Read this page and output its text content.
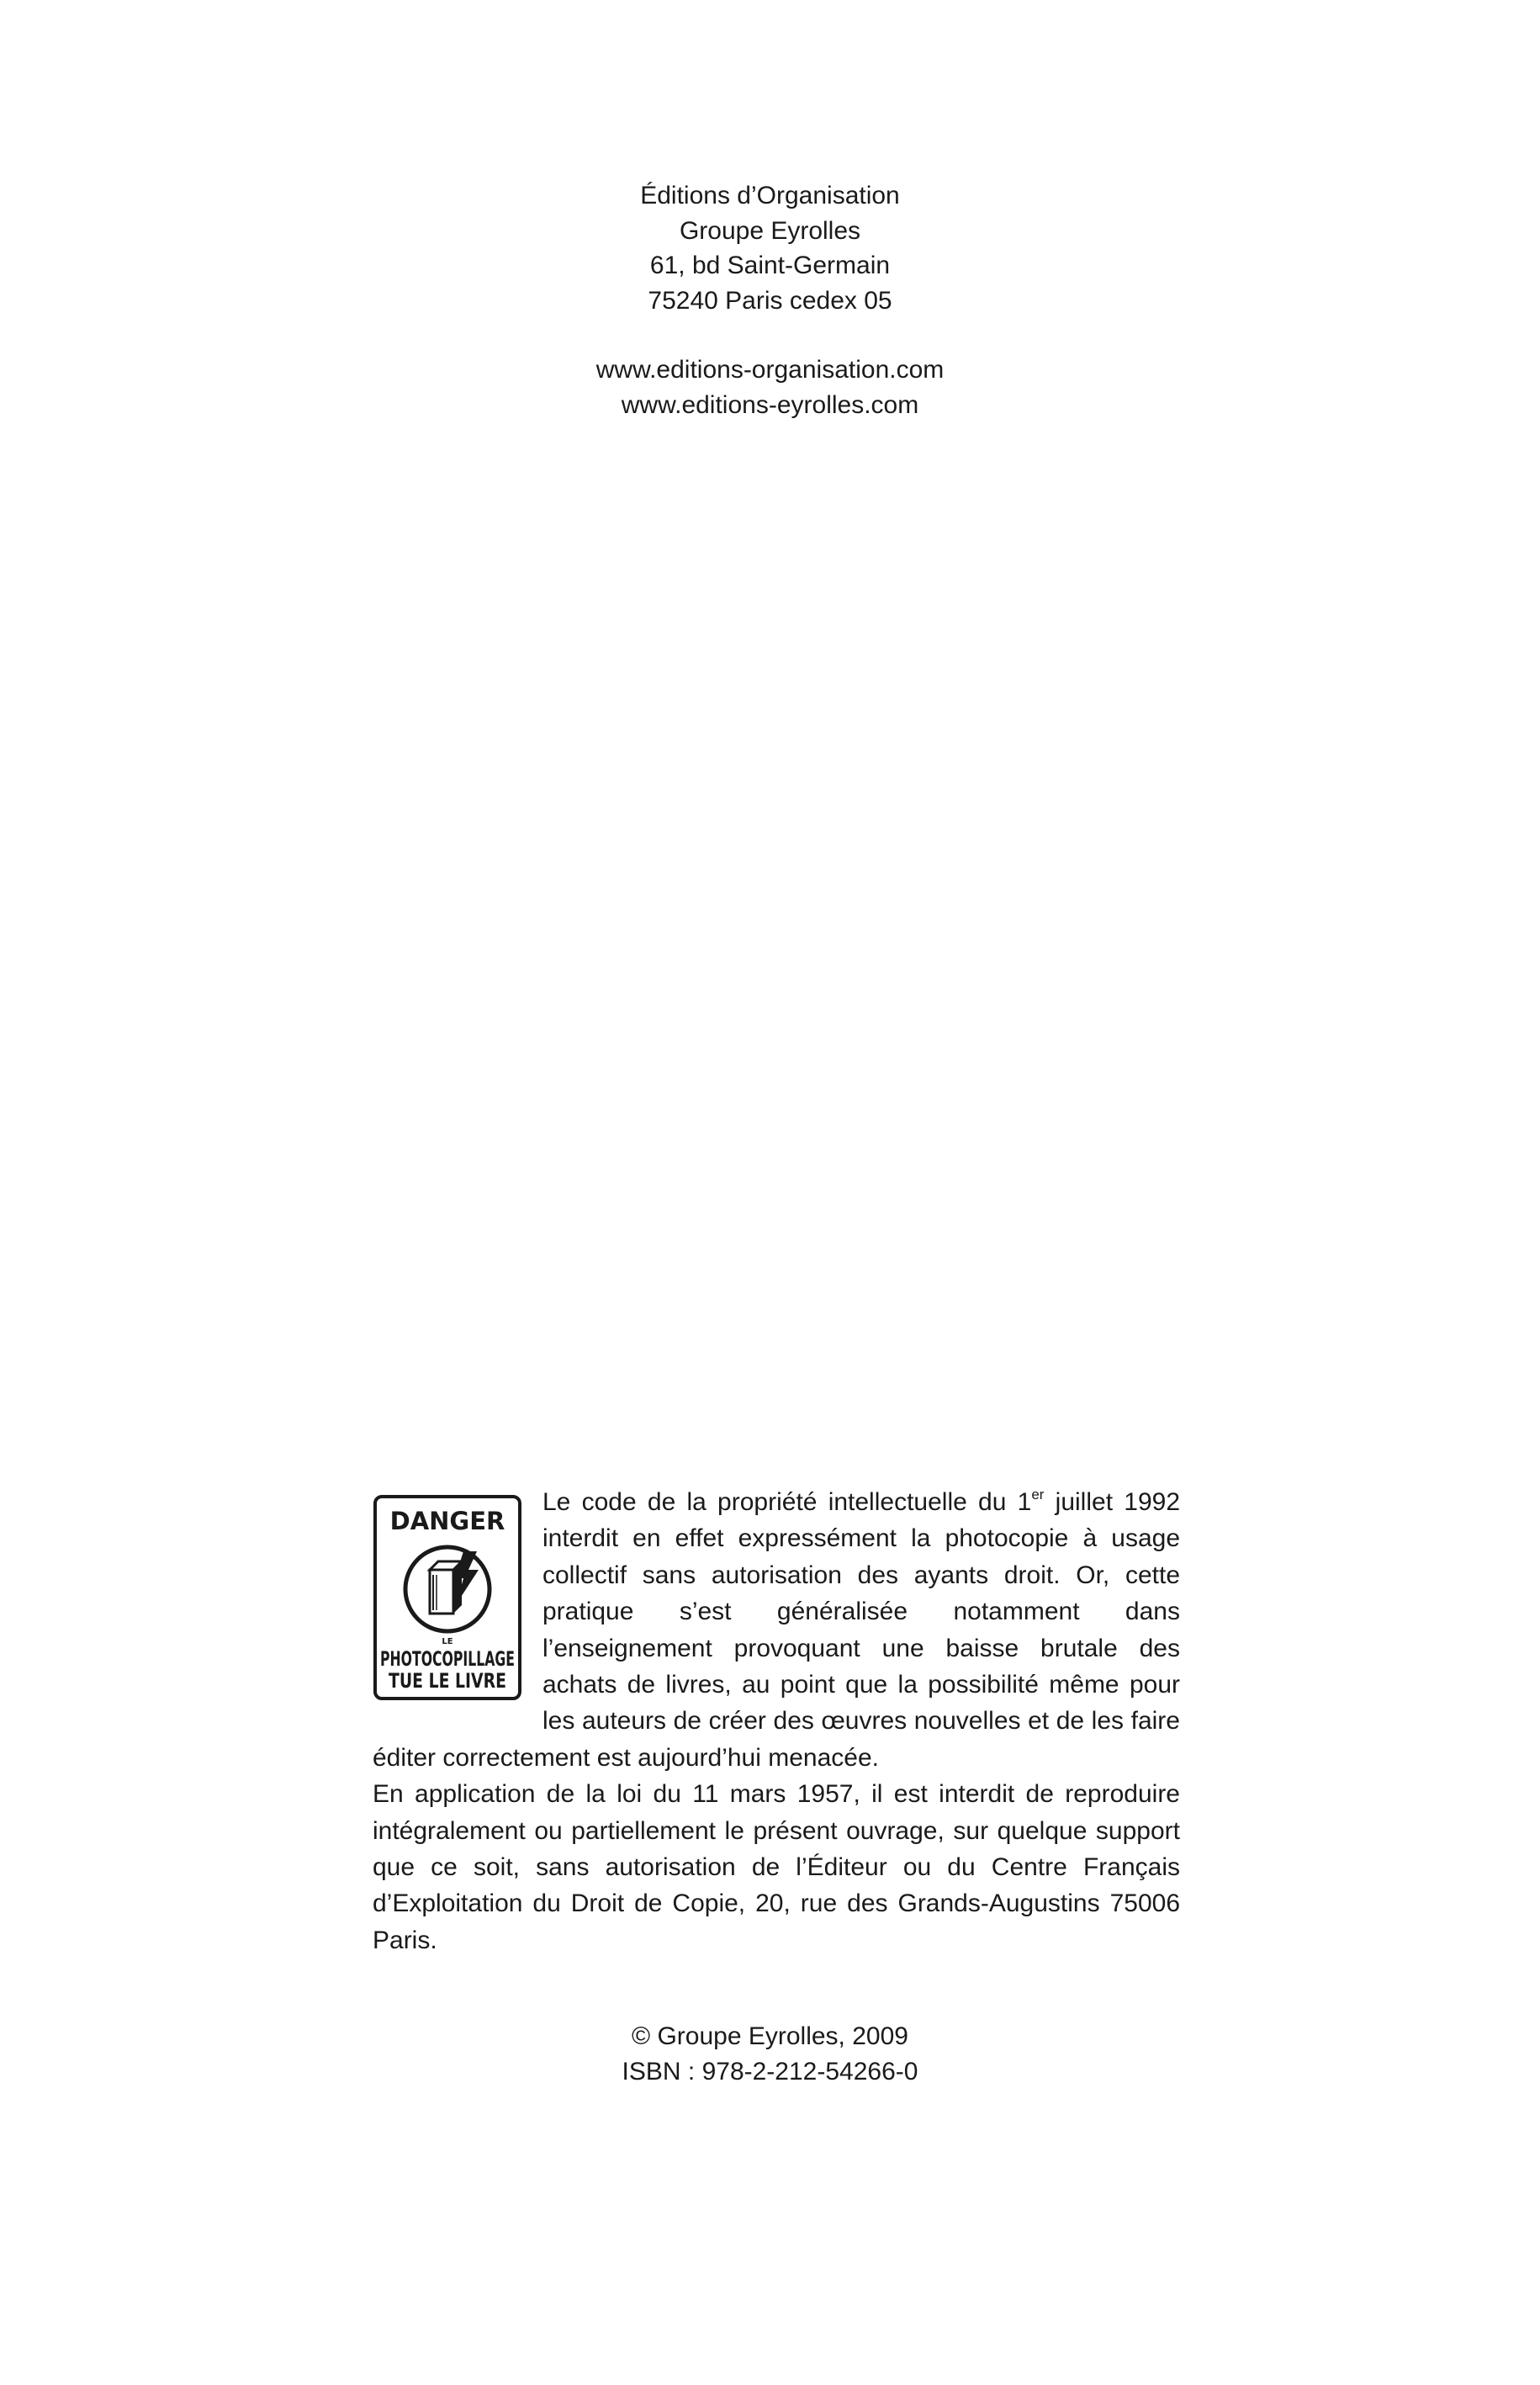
Éditions d’Organisation
Groupe Eyrolles
61, bd Saint-Germain
75240 Paris cedex 05
www.editions-organisation.com
www.editions-eyrolles.com
DANGER
LE
PHOTOCOPILLAGE
TUE LE LIVRE

Le code de la propriété intellectuelle du 1er juillet 1992 interdit en effet expressément la photocopie à usage collectif sans autorisation des ayants droit. Or, cette pratique s’est généralisée notamment dans l’enseignement provoquant une baisse brutale des achats de livres, au point que la possibilité même pour les auteurs de créer des œuvres nouvelles et de les faire éditer correctement est aujourd’hui menacée.

En application de la loi du 11 mars 1957, il est interdit de reproduire intégralement ou partiellement le présent ouvrage, sur quelque support que ce soit, sans autorisation de l’Éditeur ou du Centre Français d’Exploitation du Droit de Copie, 20, rue des Grands-Augustins 75006 Paris.

© Groupe Eyrolles, 2009
ISBN : 978-2-212-54266-0
